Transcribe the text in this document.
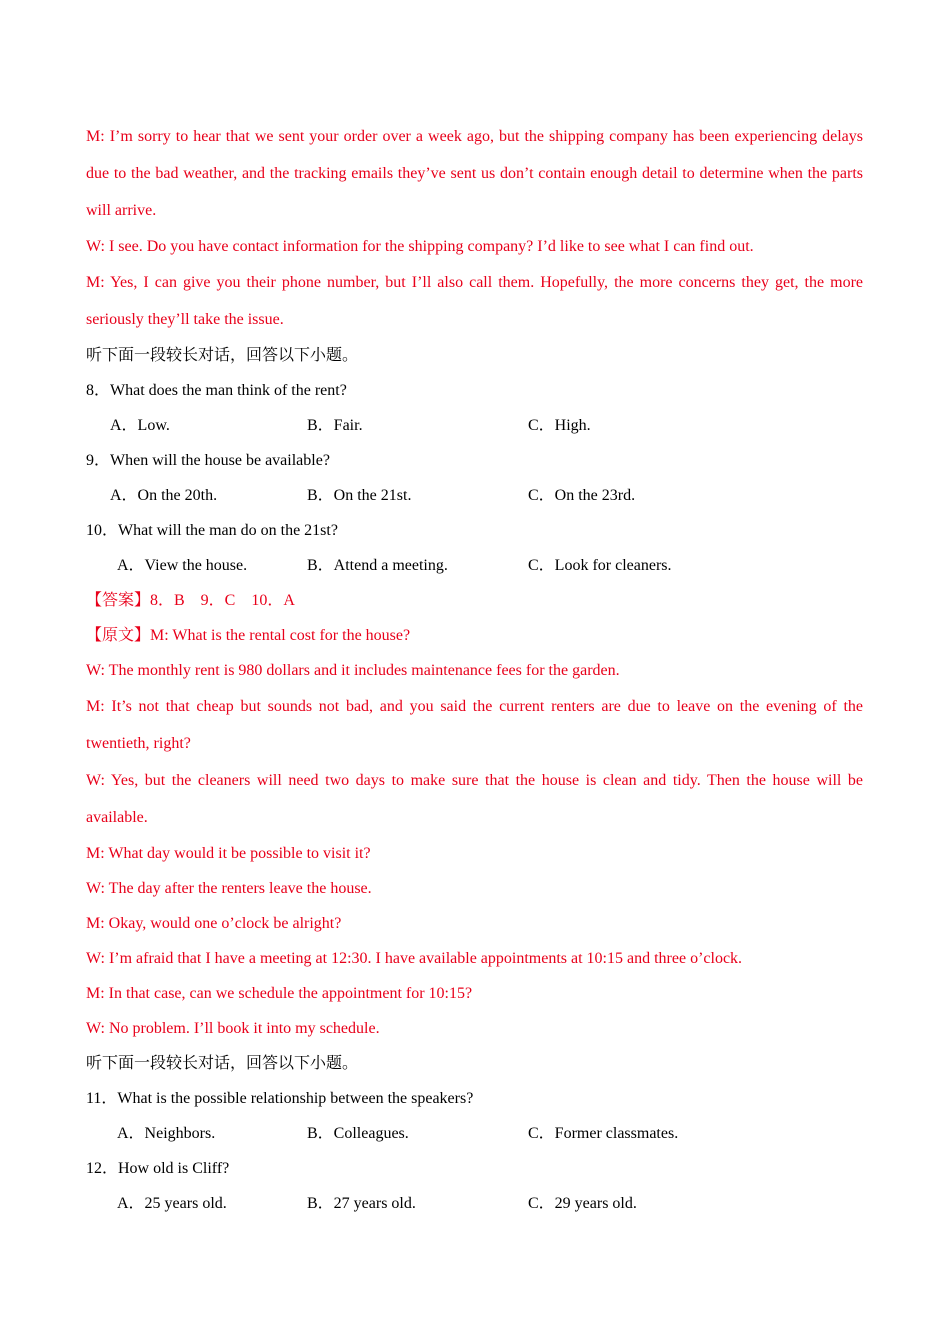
M: I’m sorry to hear that we sent your order over a week ago, but the shipping company has been experiencing delays due to the bad weather, and the tracking emails they’ve sent us don’t contain enough detail to determine when the parts will arrive.

W: I see. Do you have contact information for the shipping company? I’d like to see what I can find out.

M: Yes, I can give you their phone number, but I’ll also call them. Hopefully, the more concerns they get, the more seriously they’ll take the issue.

听下面一段较长对话，回答以下小题。

8．What does the man think of the rent?

A．Low.	B．Fair.	C．High.

9．When will the house be available?

A．On the 20th.	B．On the 21st.	C．On the 23rd.

10．What will the man do on the 21st?

A．View the house.	B．Attend a meeting.	C．Look for cleaners.

【答案】8．B　9．C　10．A

【原文】M: What is the rental cost for the house?

W: The monthly rent is 980 dollars and it includes maintenance fees for the garden.

M: It’s not that cheap but sounds not bad, and you said the current renters are due to leave on the evening of the twentieth, right?

W: Yes, but the cleaners will need two days to make sure that the house is clean and tidy. Then the house will be available.

M: What day would it be possible to visit it?

W: The day after the renters leave the house.

M: Okay, would one o’clock be alright?

W: I’m afraid that I have a meeting at 12:30. I have available appointments at 10:15 and three o’clock.

M: In that case, can we schedule the appointment for 10:15?

W: No problem. I’ll book it into my schedule.

听下面一段较长对话，回答以下小题。

11．What is the possible relationship between the speakers?

A．Neighbors.	B．Colleagues.	C．Former classmates.

12．How old is Cliff?

A．25 years old.	B．27 years old.	C．29 years old.
